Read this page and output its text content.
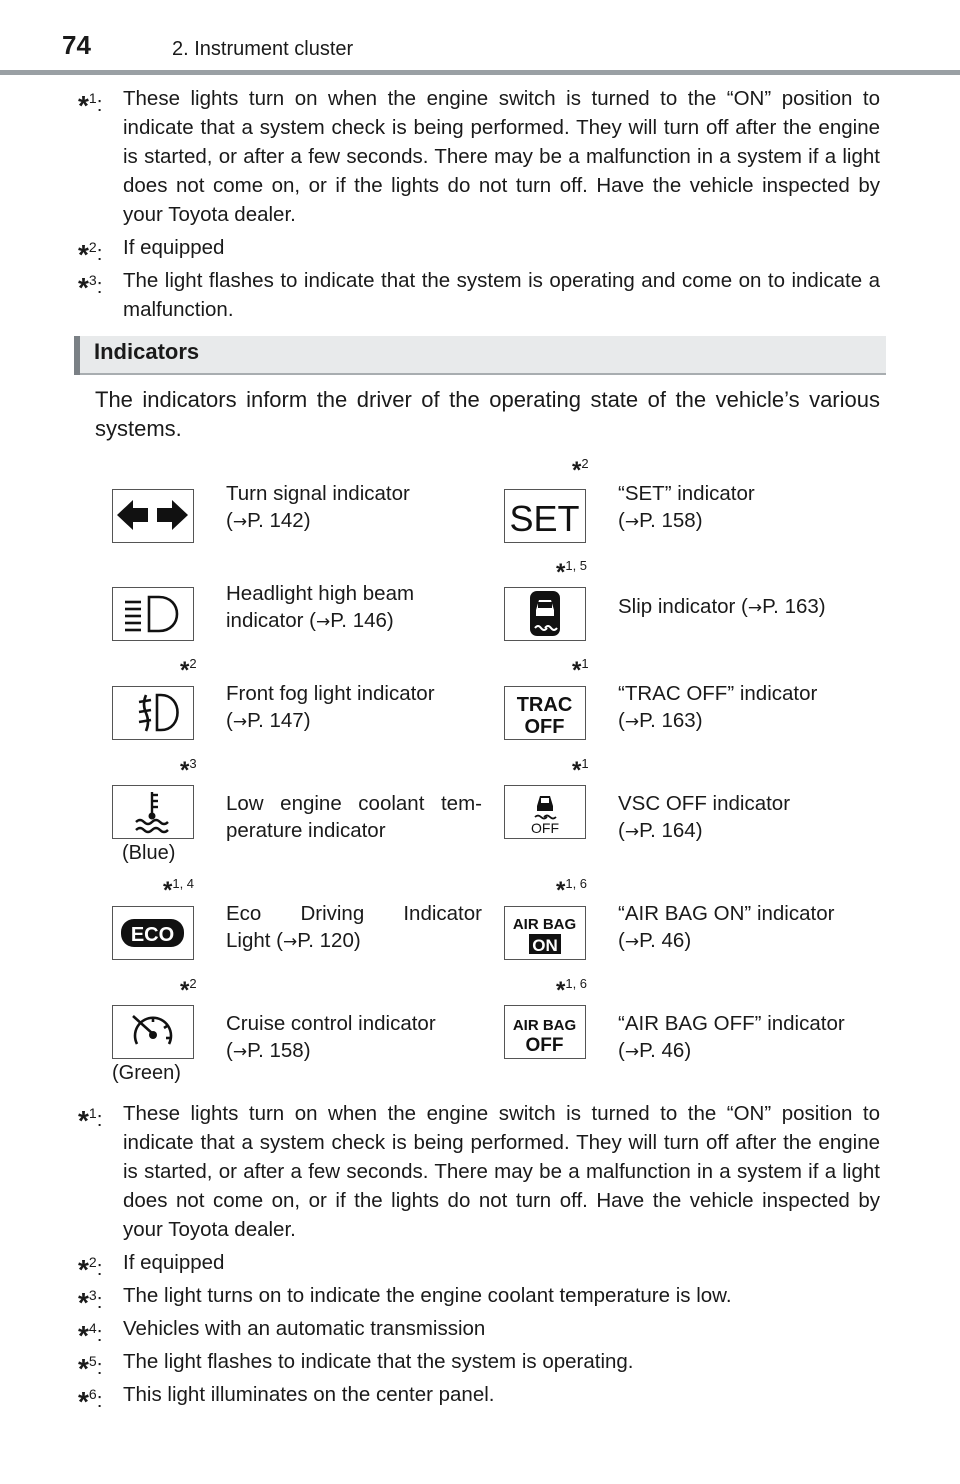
74	2. Instrument cluster
*$^1$: These lights turn on when the engine switch is turned to the “ON” position to indicate that a system check is being performed. They will turn off after the engine is started, or after a few seconds. There may be a malfunction in a system if a light does not come on, or if the lights do not turn off. Have the vehicle inspected by your Toyota dealer.
*$^2$: If equipped
*$^3$: The light flashes to indicate that the system is operating and come on to indicate a malfunction.
Indicators
The indicators inform the driver of the operating state of the vehicle’s various systems.
Turn signal indicator
(→P. 142)
*2
SET
“SET” indicator
(→P. 158)
Headlight high beam
indicator (→P. 146)
*1, 5
Slip indicator (→P. 163)
*2
Front fog light indicator
(→P. 147)
*1
TRAC
OFF
“TRAC OFF” indicator
(→P. 163)
*3
(Blue)
Low engine coolant tem-
perature indicator
*1
OFF
VSC OFF indicator
(→P. 164)
*1, 4
ECO
Eco Driving Indicator
Light (→P. 120)
*1, 6
AIR BAG
ON
“AIR BAG ON” indicator
(→P. 46)
*2
(Green)
Cruise control indicator
(→P. 158)
*1, 6
AIR BAG
OFF
“AIR BAG OFF” indicator
(→P. 46)
*$^1$: These lights turn on when the engine switch is turned to the “ON” position to indicate that a system check is being performed. They will turn off after the engine is started, or after a few seconds. There may be a malfunction in a system if a light does not come on, or if the lights do not turn off. Have the vehicle inspected by your Toyota dealer.
*$^2$: If equipped
*$^3$: The light turns on to indicate the engine coolant temperature is low.
*$^4$: Vehicles with an automatic transmission
*$^5$: The light flashes to indicate that the system is operating.
*$^6$: This light illuminates on the center panel.
